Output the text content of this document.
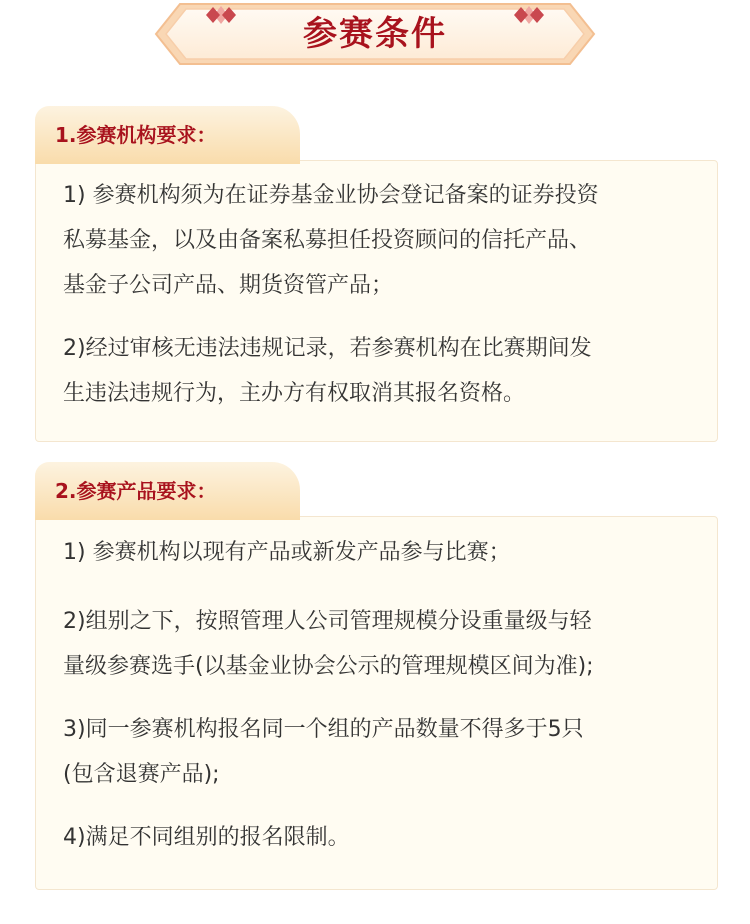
参赛条件
1) 参赛机构须为在证券基金业协会登记备案的证券投资
私募基金，以及由备案私募担任投资顾问的信托产品、
基金子公司产品、期货资管产品；
2)经过审核无违法违规记录，若参赛机构在比赛期间发
生违法违规行为，主办方有权取消其报名资格。
1.参赛机构要求：
1) 参赛机构以现有产品或新发产品参与比赛；
2)组别之下，按照管理人公司管理规模分设重量级与轻
量级参赛选手(以基金业协会公示的管理规模区间为准);
3)同一参赛机构报名同一个组的产品数量不得多于5只
(包含退赛产品);
4)满足不同组别的报名限制。
2.参赛产品要求：
